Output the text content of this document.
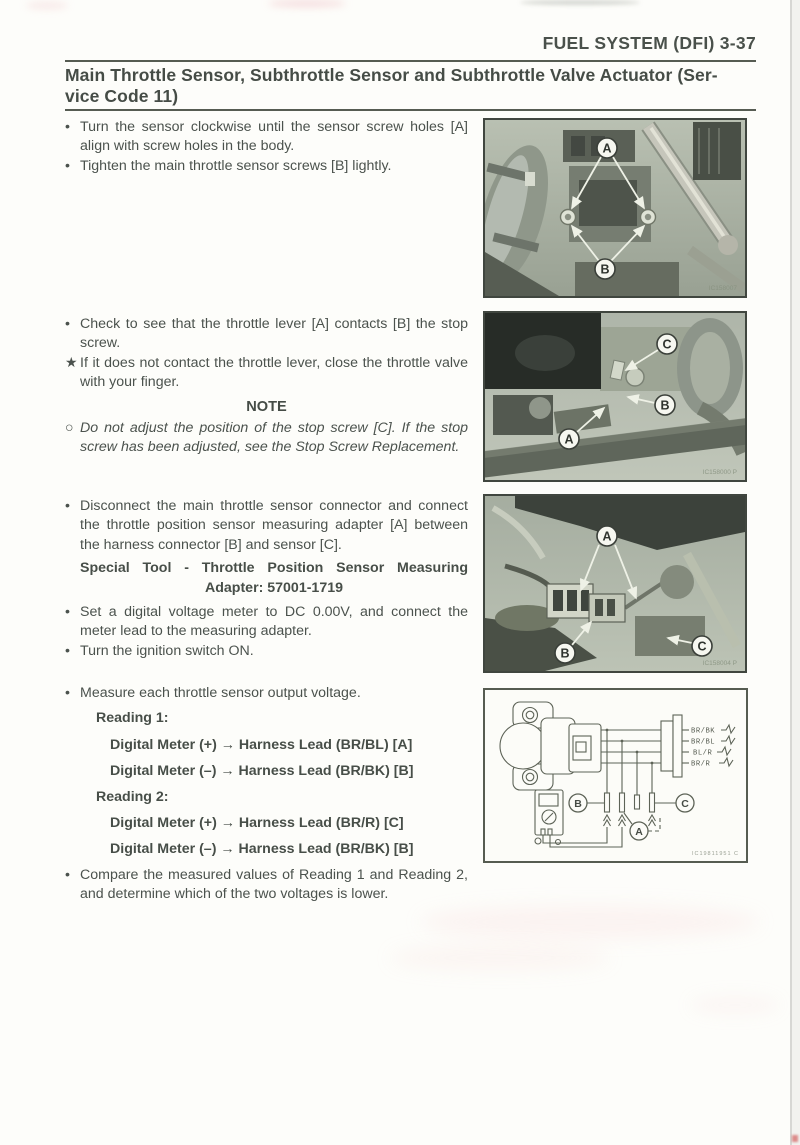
FUEL SYSTEM (DFI) 3-37
Main Throttle Sensor, Subthrottle Sensor and Subthrottle Valve Actuator (Ser-
vice Code 11)
• Turn the sensor clockwise until the sensor screw holes [A] align with screw holes in the body.
• Tighten the main throttle sensor screws [B] lightly.
• Check to see that the throttle lever [A] contacts [B] the stop screw.
★ If it does not contact the throttle lever, close the throttle valve with your finger.
NOTE
○ Do not adjust the position of the stop screw [C]. If the stop screw has been adjusted, see the Stop Screw Replacement.
• Disconnect the main throttle sensor connector and connect the throttle position sensor measuring adapter [A] between the harness connector [B] and sensor [C].
Special Tool - Throttle Position Sensor Measuring
Adapter: 57001-1719
• Set a digital voltage meter to DC 0.00V, and connect the meter lead to the measuring adapter.
• Turn the ignition switch ON.
• Measure each throttle sensor output voltage.
Reading 1:
Digital Meter (+) → Harness Lead (BR/BL) [A]
Digital Meter (–) → Harness Lead (BR/BK) [B]
Reading 2:
Digital Meter (+) → Harness Lead (BR/R) [C]
Digital Meter (–) → Harness Lead (BR/BK) [B]
• Compare the measured values of Reading 1 and Reading 2, and determine which of the two voltages is lower.
A
B
IC158007
C
B
A
IC158000 P
A
B	C
IC158004 P
B	C
A
BR/BK
BR/BL
BL/R
BR/R
IC19811951 C
